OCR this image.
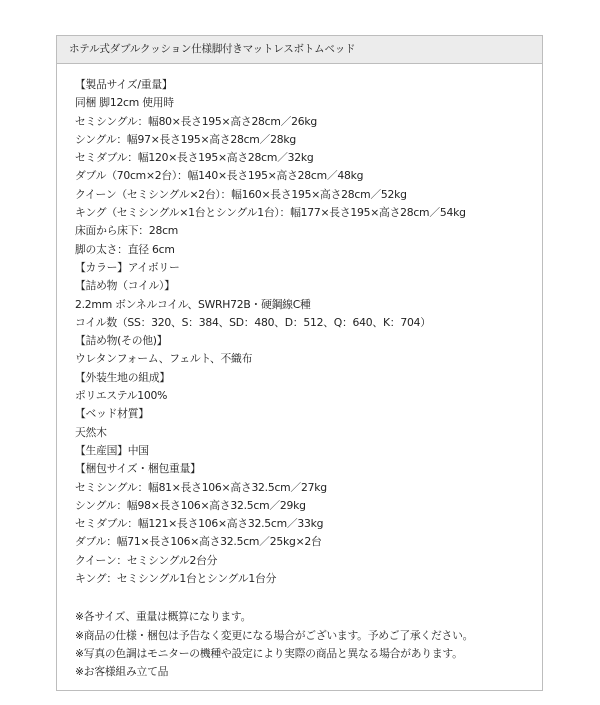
ホテル式ダブルクッション仕様脚付きマットレスボトムベッド
【製品サイズ/重量】
同梱 脚12cm 使用時
セミシングル：幅80×長さ195×高さ28cm／26kg
シングル：幅97×長さ195×高さ28cm／28kg
セミダブル：幅120×長さ195×高さ28cm／32kg
ダブル（70cm×2台）：幅140×長さ195×高さ28cm／48kg
クイーン（セミシングル×2台）：幅160×長さ195×高さ28cm／52kg
キング（セミシングル×1台とシングル1台）：幅177×長さ195×高さ28cm／54kg
床面から床下：28cm
脚の太さ：直径 6cm
【カラー】アイボリー
【詰め物（コイル）】
2.2mm ボンネルコイル、SWRH72B・硬鋼線C種
コイル数（SS：320、S：384、SD：480、D：512、Q：640、K：704）
【詰め物(その他)】
ウレタンフォーム、フェルト、不織布
【外装生地の組成】
ポリエステル100%
【ベッド材質】
天然木
【生産国】中国
【梱包サイズ・梱包重量】
セミシングル：幅81×長さ106×高さ32.5cm／27kg
シングル：幅98×長さ106×高さ32.5cm／29kg
セミダブル：幅121×長さ106×高さ32.5cm／33kg
ダブル：幅71×長さ106×高さ32.5cm／25kg×2台
クイーン：セミシングル2台分
キング：セミシングル1台とシングル1台分
※各サイズ、重量は概算になります。
※商品の仕様・梱包は予告なく変更になる場合がございます。予めご了承ください。
※写真の色調はモニターの機種や設定により実際の商品と異なる場合があります。
※お客様組み立て品
